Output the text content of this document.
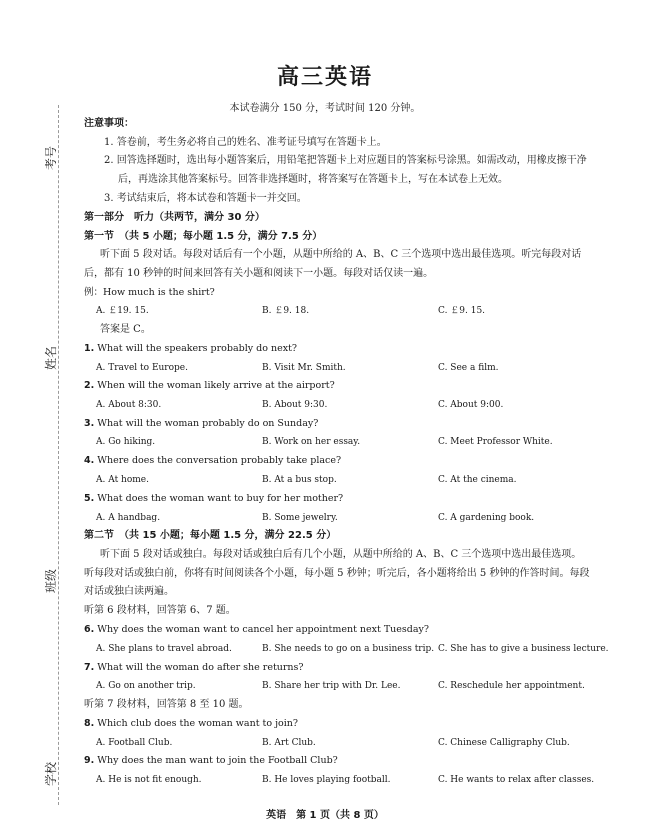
考号
姓名
班级
学校
高三英语
本试卷满分 150 分，考试时间 120 分钟。
注意事项：
1. 答卷前，考生务必将自己的姓名、准考证号填写在答题卡上。
2. 回答选择题时，选出每小题答案后，用铅笔把答题卡上对应题目的答案标号涂黑。如需改动，用橡皮擦干净
后，再选涂其他答案标号。回答非选择题时，将答案写在答题卡上，写在本试卷上无效。
3. 考试结束后，将本试卷和答题卡一并交回。
第一部分　听力（共两节，满分 30 分）
第一节　（共 5 小题；每小题 1.5 分，满分 7.5 分）
听下面 5 段对话。每段对话后有一个小题，从题中所给的 A、B、C 三个选项中选出最佳选项。听完每段对话
后，都有 10 秒钟的时间来回答有关小题和阅读下一小题。每段对话仅读一遍。
例：How much is the shirt?
A. ￡19. 15.	B. ￡9. 18.	C. ￡9. 15.
答案是 C。
1. What will the speakers probably do next?
A. Travel to Europe.	B. Visit Mr. Smith.	C. See a film.
2. When will the woman likely arrive at the airport?
A. About 8:30.	B. About 9:30.	C. About 9:00.
3. What will the woman probably do on Sunday?
A. Go hiking.	B. Work on her essay.	C. Meet Professor White.
4. Where does the conversation probably take place?
A. At home.	B. At a bus stop.	C. At the cinema.
5. What does the woman want to buy for her mother?
A. A handbag.	B. Some jewelry.	C. A gardening book.
第二节　（共 15 小题；每小题 1.5 分，满分 22.5 分）
听下面 5 段对话或独白。每段对话或独白后有几个小题，从题中所给的 A、B、C 三个选项中选出最佳选项。
听每段对话或独白前，你将有时间阅读各个小题，每小题 5 秒钟；听完后，各小题将给出 5 秒钟的作答时间。每段
对话或独白读两遍。
听第 6 段材料，回答第 6、7 题。
6. Why does the woman want to cancel her appointment next Tuesday?
A. She plans to travel abroad.	B. She needs to go on a business trip. C. She has to give a business lecture.
7. What will the woman do after she returns?
A. Go on another trip.	B. Share her trip with Dr. Lee.	C. Reschedule her appointment.
听第 7 段材料，回答第 8 至 10 题。
8. Which club does the woman want to join?
A. Football Club.	B. Art Club.	C. Chinese Calligraphy Club.
9. Why does the man want to join the Football Club?
A. He is not fit enough.	B. He loves playing football.	C. He wants to relax after classes.
英语　第 1 页（共 8 页）
